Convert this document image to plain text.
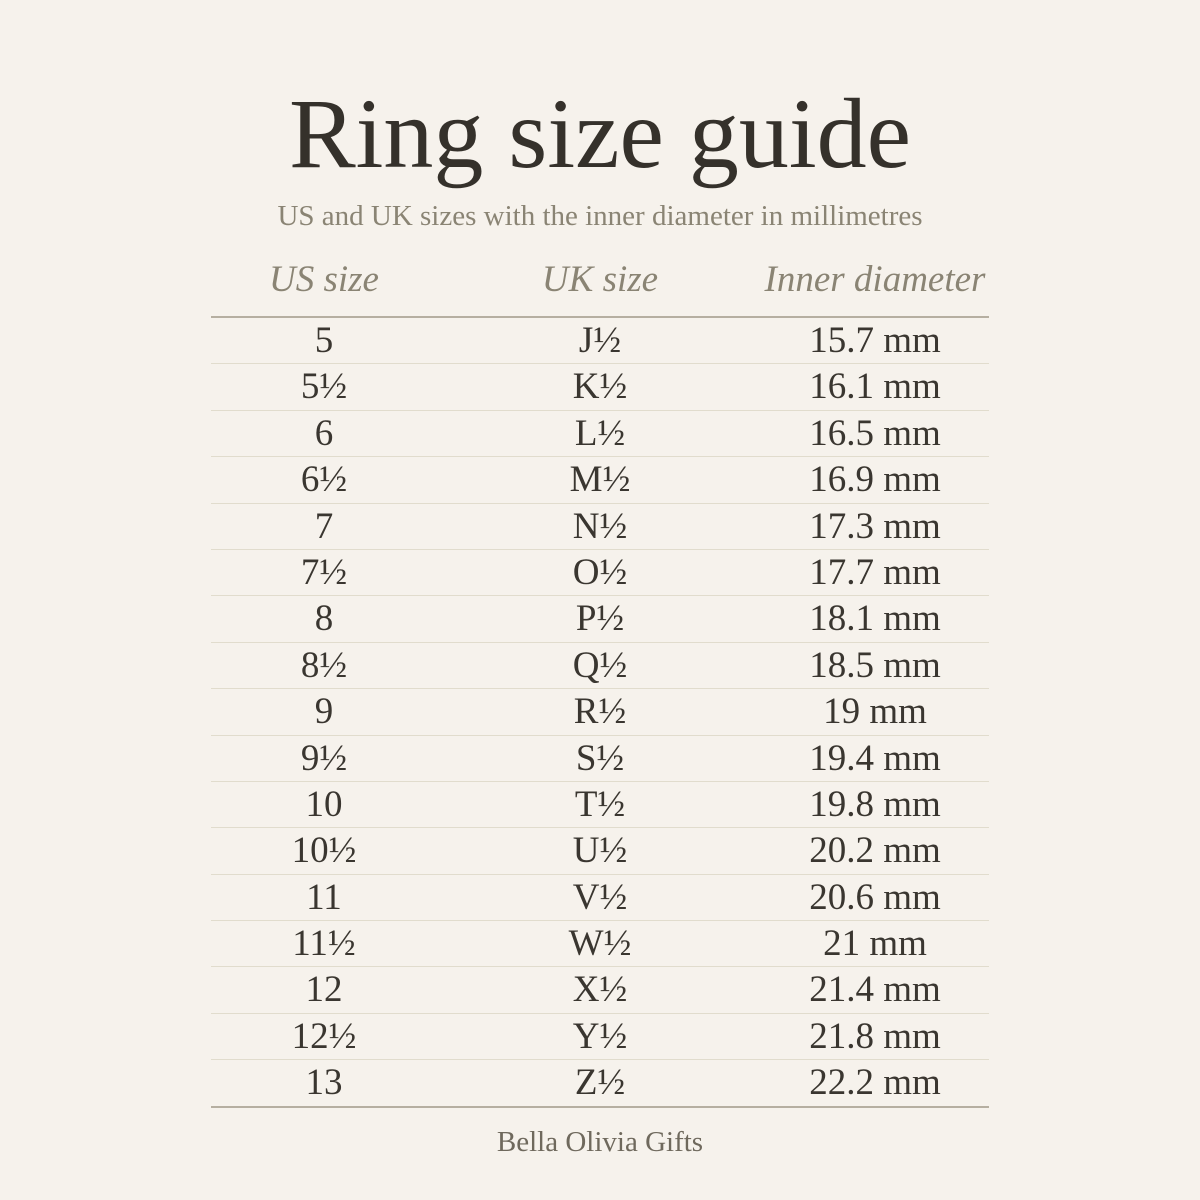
Ring size guide
US and UK sizes with the inner diameter in millimetres
US size	UK size	Inner diameter
5	J½	15.7 mm
5½	K½	16.1 mm
6	L½	16.5 mm
6½	M½	16.9 mm
7	N½	17.3 mm
7½	O½	17.7 mm
8	P½	18.1 mm
8½	Q½	18.5 mm
9	R½	19 mm
9½	S½	19.4 mm
10	T½	19.8 mm
10½	U½	20.2 mm
11	V½	20.6 mm
11½	W½	21 mm
12	X½	21.4 mm
12½	Y½	21.8 mm
13	Z½	22.2 mm
Bella Olivia Gifts
